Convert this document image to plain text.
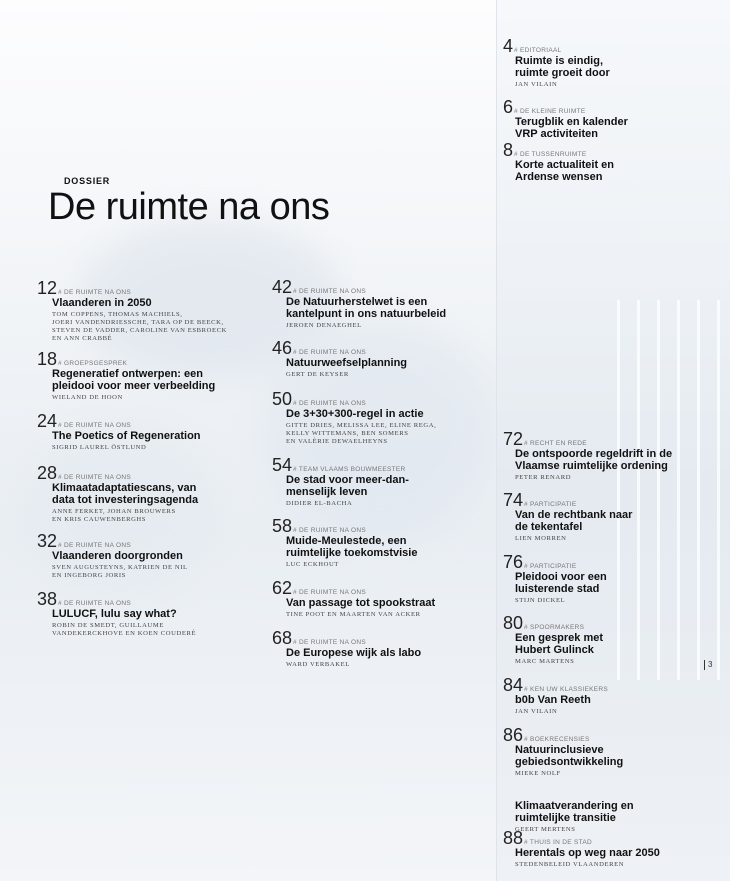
DOSSIER
De ruimte na ons
3
12 # DE RUIMTE NA ONS
Vlaanderen in 2050
TOM COPPENS, THOMAS MACHIELS,
JOERI VANDENDRIESSCHE, TARA OP DE BEECK,
STEVEN DE VADDER, CAROLINE VAN ESBROECK
EN ANN CRABBÉ
18 # GROEPSGESPREK
Regeneratief ontwerpen: een
pleidooi voor meer verbeelding
WIELAND DE HOON
24 # DE RUIMTE NA ONS
The Poetics of Regeneration
SIGRID LAUREL ÖSTLUND
28 # DE RUIMTE NA ONS
Klimaatadaptatiescans, van
data tot investeringsagenda
ANNE FERKET, JOHAN BROUWERS
EN KRIS CAUWENBERGHS
32 # DE RUIMTE NA ONS
Vlaanderen doorgronden
SVEN AUGUSTEYNS, KATRIEN DE NIL
EN INGEBORG JORIS
38 # DE RUIMTE NA ONS
LULUCF, lulu say what?
ROBIN DE SMEDT, GUILLAUME
VANDEKERCKHOVE EN KOEN COUDERÉ
42 # DE RUIMTE NA ONS
De Natuurherstelwet is een
kantelpunt in ons natuurbeleid
JEROEN DENAEGHEL
46 # DE RUIMTE NA ONS
Natuurweefselplanning
GERT DE KEYSER
50 # DE RUIMTE NA ONS
De 3+30+300-regel in actie
GITTE DRIES, MELISSA LEE, ELINE REGA,
KELLY WITTEMANS, BEN SOMERS
EN VALÈRIE DEWAELHEYNS
54 # TEAM VLAAMS BOUWMEESTER
De stad voor meer-dan-
menselijk leven
DIDIER EL-BACHA
58 # DE RUIMTE NA ONS
Muide-Meulestede, een
ruimtelijke toekomstvisie
LUC ECKHOUT
62 # DE RUIMTE NA ONS
Van passage tot spookstraat
TINE POOT EN MAARTEN VAN ACKER
68 # DE RUIMTE NA ONS
De Europese wijk als labo
WARD VERBAKEL
4 # EDITORIAAL
Ruimte is eindig,
ruimte groeit door
JAN VILAIN
6 # DE KLEINE RUIMTE
Terugblik en kalender
VRP activiteiten
8 # DE TUSSENRUIMTE
Korte actualiteit en
Ardense wensen
72 # RECHT EN REDE
De ontspoorde regeldrift in de
Vlaamse ruimtelijke ordening
PETER RENARD
74 # PARTICIPATIE
Van de rechtbank naar
de tekentafel
LIEN MORREN
76 # PARTICIPATIE
Pleidooi voor een
luisterende stad
STIJN DICKEL
80 # SPOORMAKERS
Een gesprek met
Hubert Gulinck
MARC MARTENS
84 # KEN UW KLASSIEKERS
b0b Van Reeth
JAN VILAIN
86 # BOEKRECENSIES
Natuurinclusieve
gebiedsontwikkeling
MIEKE NOLF
Klimaatverandering en
ruimtelijke transitie
GEERT MERTENS
88 # THUIS IN DE STAD
Herentals op weg naar 2050
STEDENBELEID VLAANDEREN
